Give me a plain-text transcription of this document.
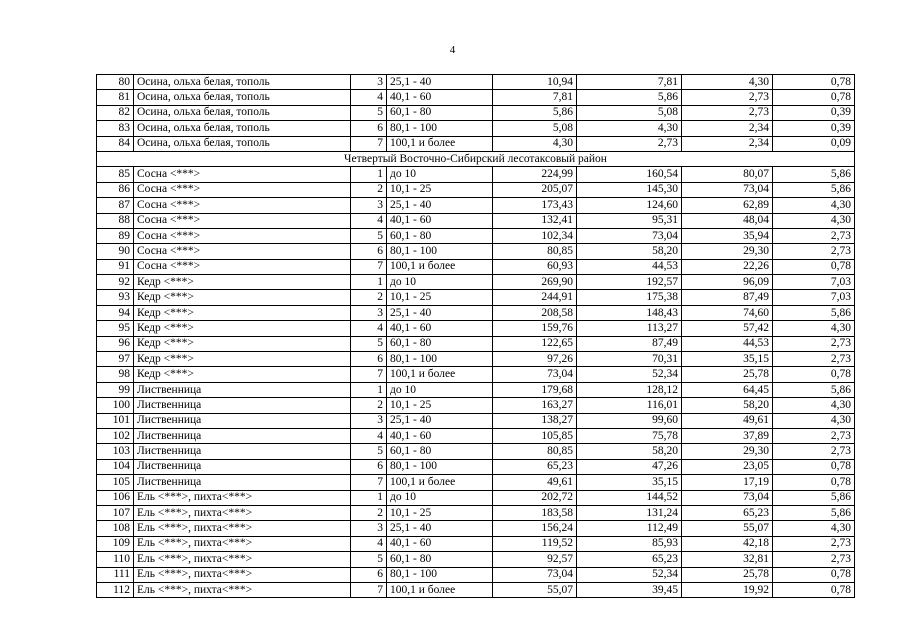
4
80	Осина, ольха белая, тополь	3	25,1 - 40	10,94	7,81	4,30	0,78
81	Осина, ольха белая, тополь	4	40,1 - 60	7,81	5,86	2,73	0,78
82	Осина, ольха белая, тополь	5	60,1 - 80	5,86	5,08	2,73	0,39
83	Осина, ольха белая, тополь	6	80,1 - 100	5,08	4,30	2,34	0,39
84	Осина, ольха белая, тополь	7	100,1 и более	4,30	2,73	2,34	0,09
Четвертый Восточно-Сибирский лесотаксовый район							
85	Сосна <***>	1	до 10	224,99	160,54	80,07	5,86
86	Сосна <***>	2	10,1 - 25	205,07	145,30	73,04	5,86
87	Сосна <***>	3	25,1 - 40	173,43	124,60	62,89	4,30
88	Сосна <***>	4	40,1 - 60	132,41	95,31	48,04	4,30
89	Сосна <***>	5	60,1 - 80	102,34	73,04	35,94	2,73
90	Сосна <***>	6	80,1 - 100	80,85	58,20	29,30	2,73
91	Сосна <***>	7	100,1 и более	60,93	44,53	22,26	0,78
92	Кедр <***>	1	до 10	269,90	192,57	96,09	7,03
93	Кедр <***>	2	10,1 - 25	244,91	175,38	87,49	7,03
94	Кедр <***>	3	25,1 - 40	208,58	148,43	74,60	5,86
95	Кедр <***>	4	40,1 - 60	159,76	113,27	57,42	4,30
96	Кедр <***>	5	60,1 - 80	122,65	87,49	44,53	2,73
97	Кедр <***>	6	80,1 - 100	97,26	70,31	35,15	2,73
98	Кедр <***>	7	100,1 и более	73,04	52,34	25,78	0,78
99	Лиственница	1	до 10	179,68	128,12	64,45	5,86
100	Лиственница	2	10,1 - 25	163,27	116,01	58,20	4,30
101	Лиственница	3	25,1 - 40	138,27	99,60	49,61	4,30
102	Лиственница	4	40,1 - 60	105,85	75,78	37,89	2,73
103	Лиственница	5	60,1 - 80	80,85	58,20	29,30	2,73
104	Лиственница	6	80,1 - 100	65,23	47,26	23,05	0,78
105	Лиственница	7	100,1 и более	49,61	35,15	17,19	0,78
106	Ель <***>, пихта<***>	1	до 10	202,72	144,52	73,04	5,86
107	Ель <***>, пихта<***>	2	10,1 - 25	183,58	131,24	65,23	5,86
108	Ель <***>, пихта<***>	3	25,1 - 40	156,24	112,49	55,07	4,30
109	Ель <***>, пихта<***>	4	40,1 - 60	119,52	85,93	42,18	2,73
110	Ель <***>, пихта<***>	5	60,1 - 80	92,57	65,23	32,81	2,73
111	Ель <***>, пихта<***>	6	80,1 - 100	73,04	52,34	25,78	0,78
112	Ель <***>, пихта<***>	7	100,1 и более	55,07	39,45	19,92	0,78
